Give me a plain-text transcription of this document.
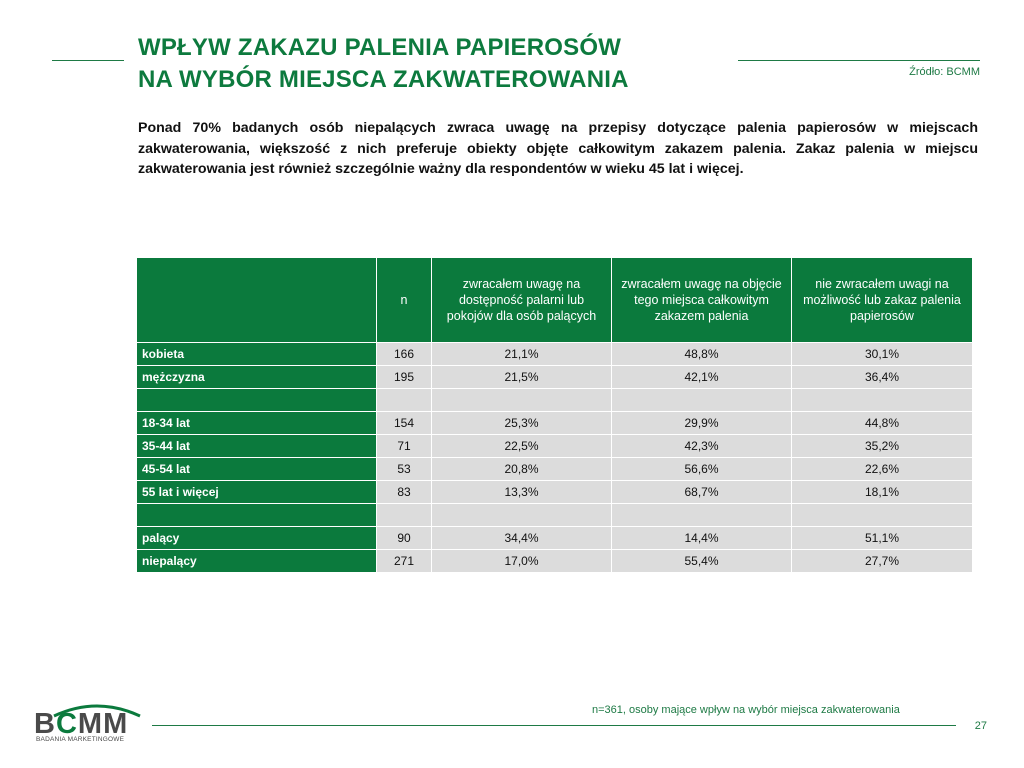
WPŁYW ZAKAZU PALENIA PAPIEROSÓW
NA WYBÓR MIEJSCA ZAKWATEROWANIA	Źródło: BCMM

Ponad 70% badanych osób niepalących zwraca uwagę na przepisy dotyczące palenia papierosów w miejscach zakwaterowania, większość z nich preferuje obiekty objęte całkowitym zakazem palenia. Zakaz palenia w miejscu zakwaterowania jest również szczególnie ważny dla respondentów w wieku 45 lat i więcej.

	n	zwracałem uwagę na dostępność palarni lub pokojów dla osób palących	zwracałem uwagę na objęcie tego miejsca całkowitym zakazem palenia	nie zwracałem uwagi na możliwość lub zakaz palenia papierosów
kobieta	166	21,1%	48,8%	30,1%
mężczyzna	195	21,5%	42,1%	36,4%

18-34 lat	154	25,3%	29,9%	44,8%
35-44 lat	71	22,5%	42,3%	35,2%
45-54 lat	53	20,8%	56,6%	22,6%
55 lat i więcej	83	13,3%	68,7%	18,1%

palący	90	34,4%	14,4%	51,1%
niepalący	271	17,0%	55,4%	27,7%
BCMM
BADANIA MARKETINGOWE
n=361, osoby mające wpływ na wybór miejsca zakwaterowania
27
